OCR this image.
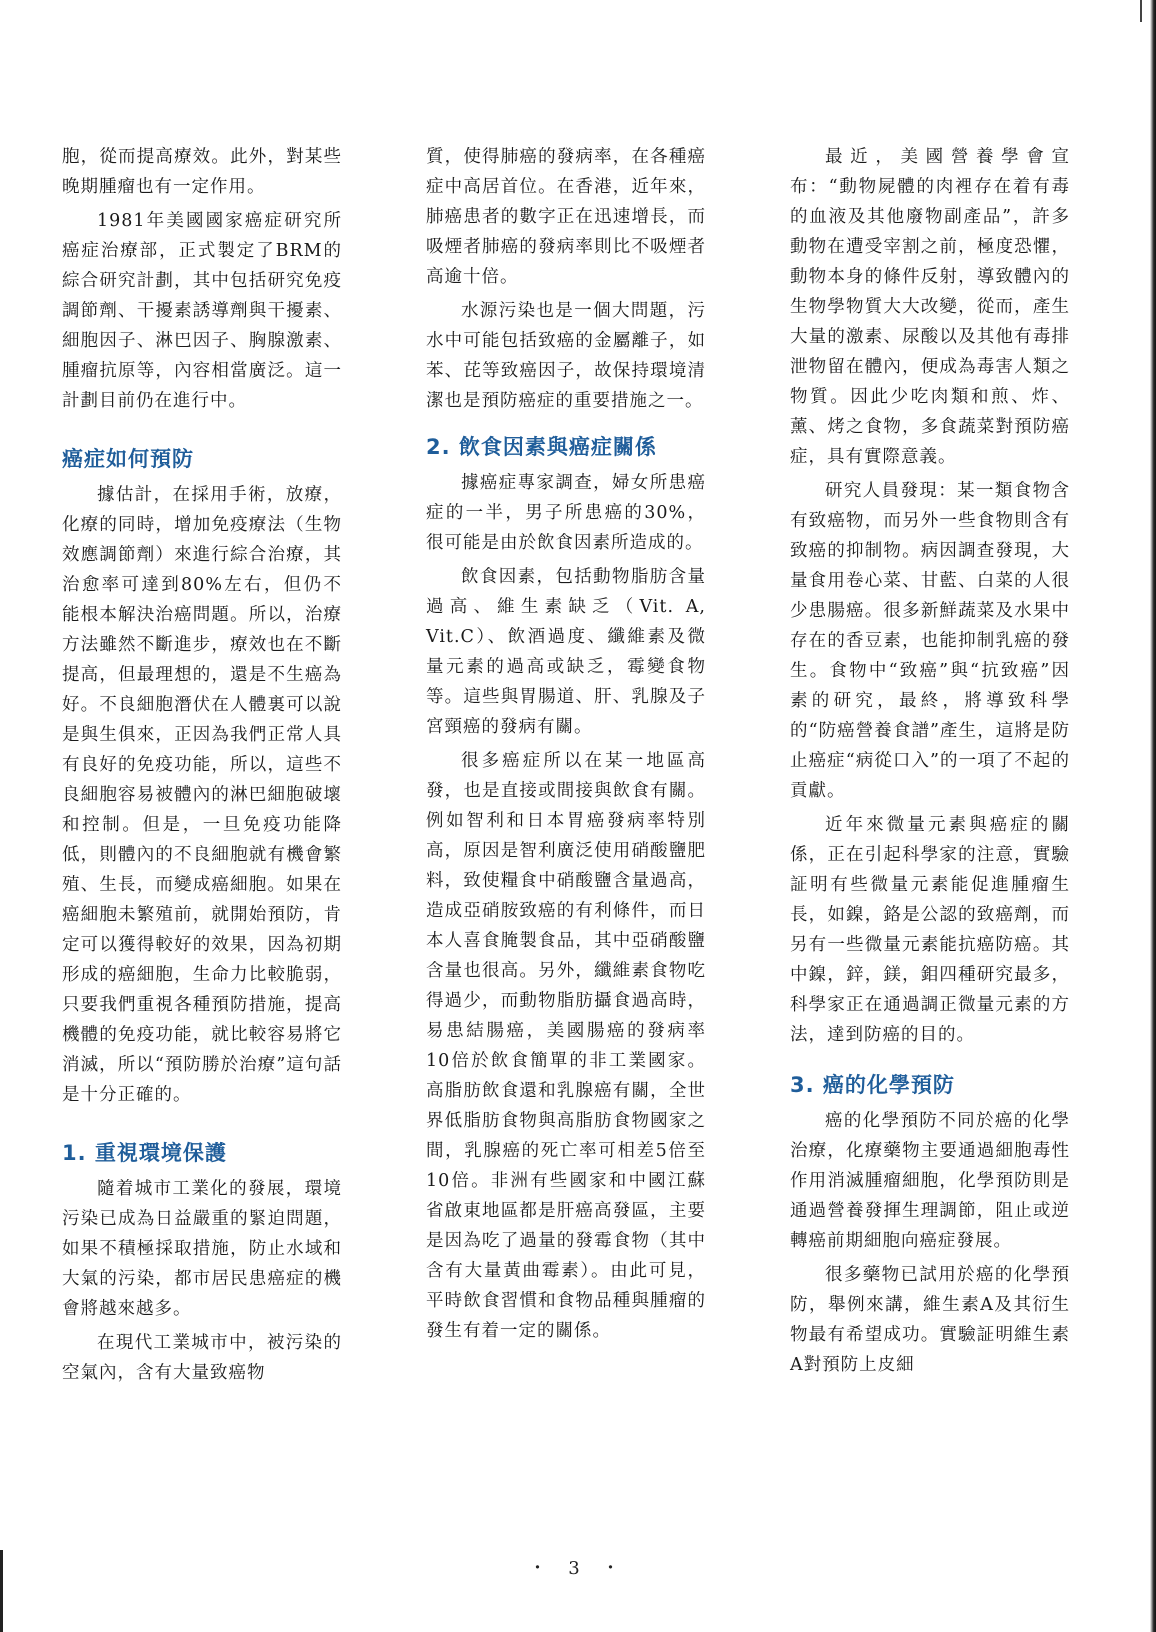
胞，從而提高療效。此外，對某些晚期腫瘤也有一定作用。

1981年美國國家癌症研究所癌症治療部，正式製定了BRM的綜合研究計劃，其中包括研究免疫調節劑、干擾素誘導劑與干擾素、細胞因子、淋巴因子、胸腺激素、腫瘤抗原等，內容相當廣泛。這一計劃目前仍在進行中。

癌症如何預防

據估計，在採用手術，放療，化療的同時，增加免疫療法（生物效應調節劑）來進行綜合治療，其治愈率可達到80%左右，但仍不能根本解決治癌問題。所以，治療方法雖然不斷進步，療效也在不斷提高，但最理想的，還是不生癌為好。不良細胞潛伏在人體裏可以說是與生俱來，正因為我們正常人具有良好的免疫功能，所以，這些不良細胞容易被體內的淋巴細胞破壞和控制。但是，一旦免疫功能降低，則體內的不良細胞就有機會繁殖、生長，而變成癌細胞。如果在癌細胞未繁殖前，就開始預防，肯定可以獲得較好的效果，因為初期形成的癌細胞，生命力比較脆弱，只要我們重視各種預防措施，提高機體的免疫功能，就比較容易將它消滅，所以“預防勝於治療”這句話是十分正確的。

1. 重視環境保護

隨着城市工業化的發展，環境污染已成為日益嚴重的緊迫問題，如果不積極採取措施，防止水域和大氣的污染，都市居民患癌症的機會將越來越多。

在現代工業城市中，被污染的空氣內，含有大量致癌物

質，使得肺癌的發病率，在各種癌症中高居首位。在香港，近年來，肺癌患者的數字正在迅速增長，而吸煙者肺癌的發病率則比不吸煙者高逾十倍。

水源污染也是一個大問題，污水中可能包括致癌的金屬離子，如苯、芘等致癌因子，故保持環境清潔也是預防癌症的重要措施之一。

2. 飲食因素與癌症關係

據癌症專家調查，婦女所患癌症的一半，男子所患癌的30%，很可能是由於飲食因素所造成的。

飲食因素，包括動物脂肪含量過高、維生素缺乏（Vit. A, Vit.C）、飲酒過度、纖維素及微量元素的過高或缺乏，霉變食物等。這些與胃腸道、肝、乳腺及子宮頸癌的發病有關。

很多癌症所以在某一地區高發，也是直接或間接與飲食有關。例如智利和日本胃癌發病率特別高，原因是智利廣泛使用硝酸鹽肥料，致使糧食中硝酸鹽含量過高，造成亞硝胺致癌的有利條件，而日本人喜食腌製食品，其中亞硝酸鹽含量也很高。另外，纖維素食物吃得過少，而動物脂肪攝食過高時，易患結腸癌，美國腸癌的發病率10倍於飲食簡單的非工業國家。高脂肪飲食還和乳腺癌有關，全世界低脂肪食物與高脂肪食物國家之間，乳腺癌的死亡率可相差5倍至10倍。非洲有些國家和中國江蘇省啟東地區都是肝癌高發區，主要是因為吃了過量的發霉食物（其中含有大量黃曲霉素）。由此可見，平時飲食習慣和食物品種與腫瘤的發生有着一定的關係。

最近，美國營養學會宣布：“動物屍體的肉裡存在着有毒的血液及其他廢物副產品”，許多動物在遭受宰割之前，極度恐懼，動物本身的條件反射，導致體內的生物學物質大大改變，從而，產生大量的激素、尿酸以及其他有毒排泄物留在體內，便成為毒害人類之物質。因此少吃肉類和煎、炸、薰、烤之食物，多食蔬菜對預防癌症，具有實際意義。

研究人員發現：某一類食物含有致癌物，而另外一些食物則含有致癌的抑制物。病因調查發現，大量食用卷心菜、甘藍、白菜的人很少患腸癌。很多新鮮蔬菜及水果中存在的香豆素，也能抑制乳癌的發生。食物中“致癌”與“抗致癌”因素的研究，最終，將導致科學的“防癌營養食譜”產生，這將是防止癌症“病從口入”的一項了不起的貢獻。

近年來微量元素與癌症的關係，正在引起科學家的注意，實驗証明有些微量元素能促進腫瘤生長，如鎳，鉻是公認的致癌劑，而另有一些微量元素能抗癌防癌。其中鎳，鋅，鎂，鉬四種研究最多，科學家正在通過調正微量元素的方法，達到防癌的目的。

3. 癌的化學預防

癌的化學預防不同於癌的化學治療，化療藥物主要通過細胞毒性作用消滅腫瘤細胞，化學預防則是通過營養發揮生理調節，阻止或逆轉癌前期細胞向癌症發展。

很多藥物已試用於癌的化學預防，舉例來講，維生素A及其衍生物最有希望成功。實驗証明維生素A對預防上皮細

・ 3 ・
